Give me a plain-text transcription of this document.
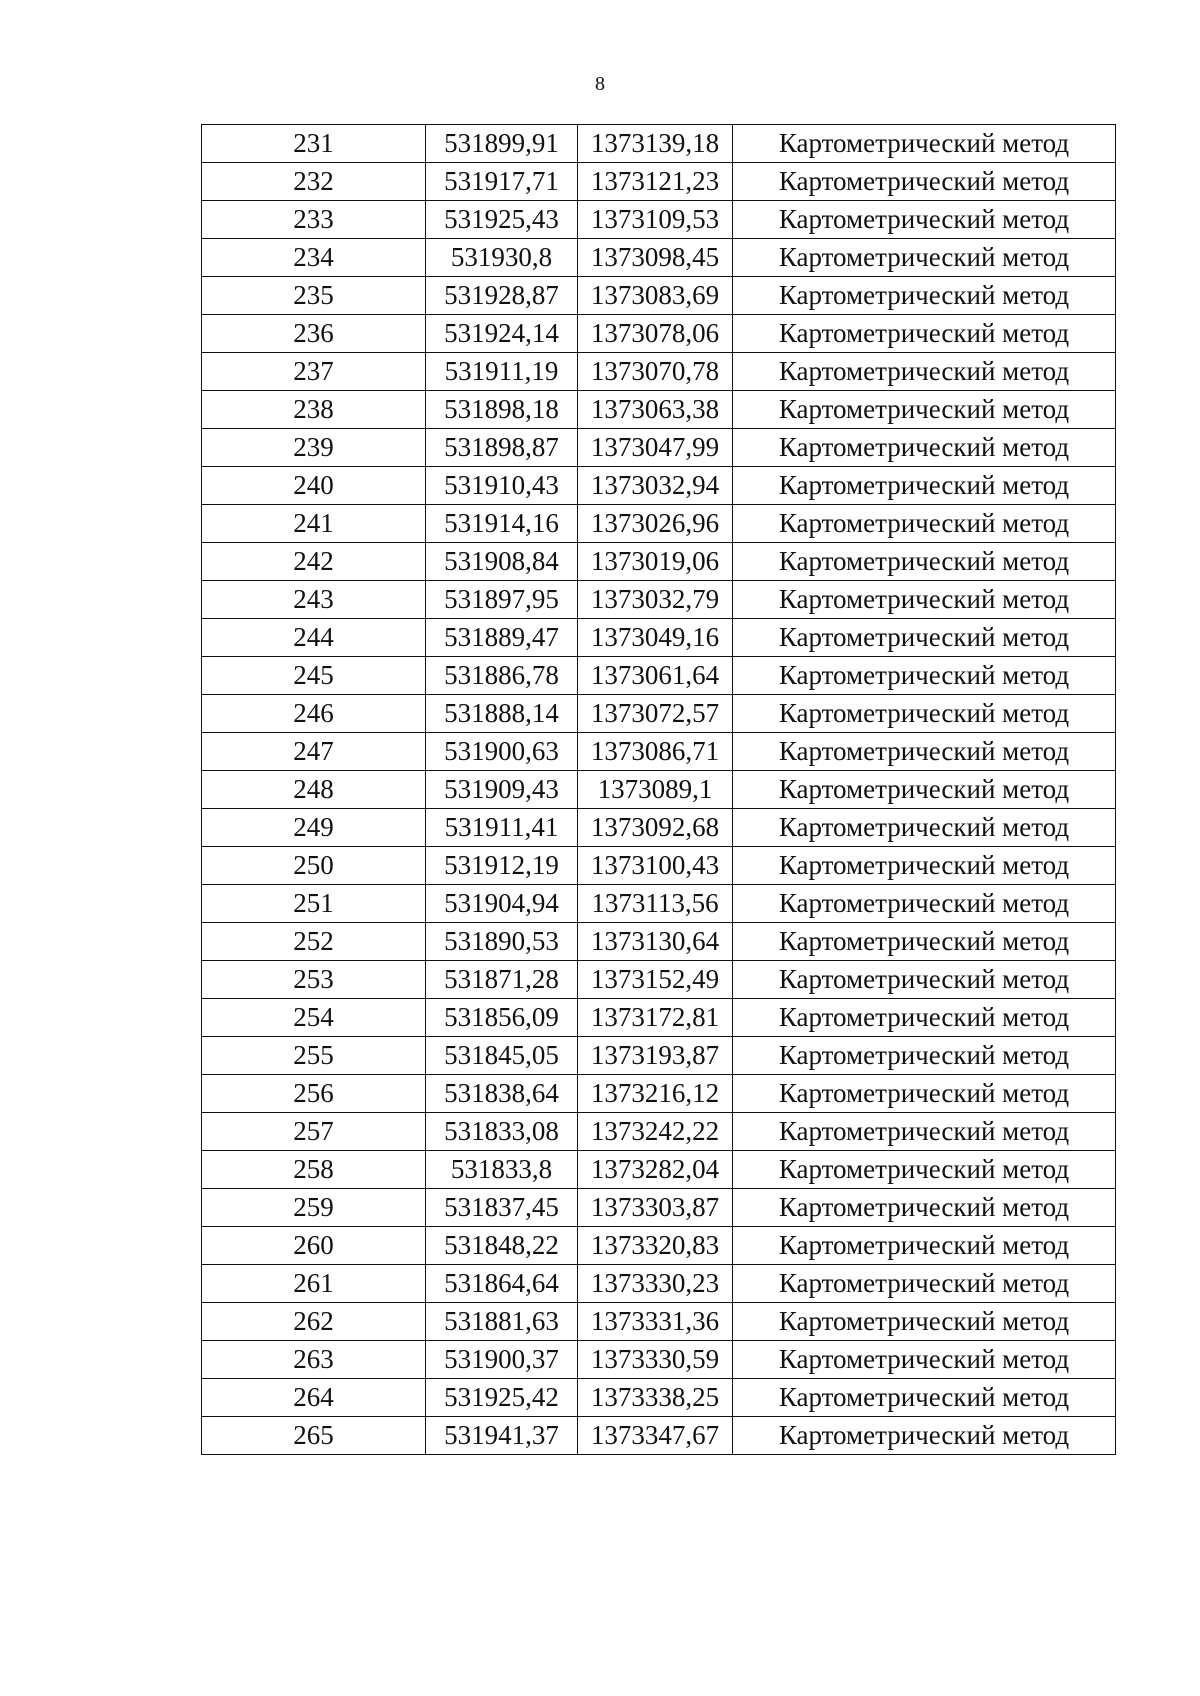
8
231	531899,91	1373139,18	Картометрический метод
232	531917,71	1373121,23	Картометрический метод
233	531925,43	1373109,53	Картометрический метод
234	531930,8	1373098,45	Картометрический метод
235	531928,87	1373083,69	Картометрический метод
236	531924,14	1373078,06	Картометрический метод
237	531911,19	1373070,78	Картометрический метод
238	531898,18	1373063,38	Картометрический метод
239	531898,87	1373047,99	Картометрический метод
240	531910,43	1373032,94	Картометрический метод
241	531914,16	1373026,96	Картометрический метод
242	531908,84	1373019,06	Картометрический метод
243	531897,95	1373032,79	Картометрический метод
244	531889,47	1373049,16	Картометрический метод
245	531886,78	1373061,64	Картометрический метод
246	531888,14	1373072,57	Картометрический метод
247	531900,63	1373086,71	Картометрический метод
248	531909,43	1373089,1	Картометрический метод
249	531911,41	1373092,68	Картометрический метод
250	531912,19	1373100,43	Картометрический метод
251	531904,94	1373113,56	Картометрический метод
252	531890,53	1373130,64	Картометрический метод
253	531871,28	1373152,49	Картометрический метод
254	531856,09	1373172,81	Картометрический метод
255	531845,05	1373193,87	Картометрический метод
256	531838,64	1373216,12	Картометрический метод
257	531833,08	1373242,22	Картометрический метод
258	531833,8	1373282,04	Картометрический метод
259	531837,45	1373303,87	Картометрический метод
260	531848,22	1373320,83	Картометрический метод
261	531864,64	1373330,23	Картометрический метод
262	531881,63	1373331,36	Картометрический метод
263	531900,37	1373330,59	Картометрический метод
264	531925,42	1373338,25	Картометрический метод
265	531941,37	1373347,67	Картометрический метод
